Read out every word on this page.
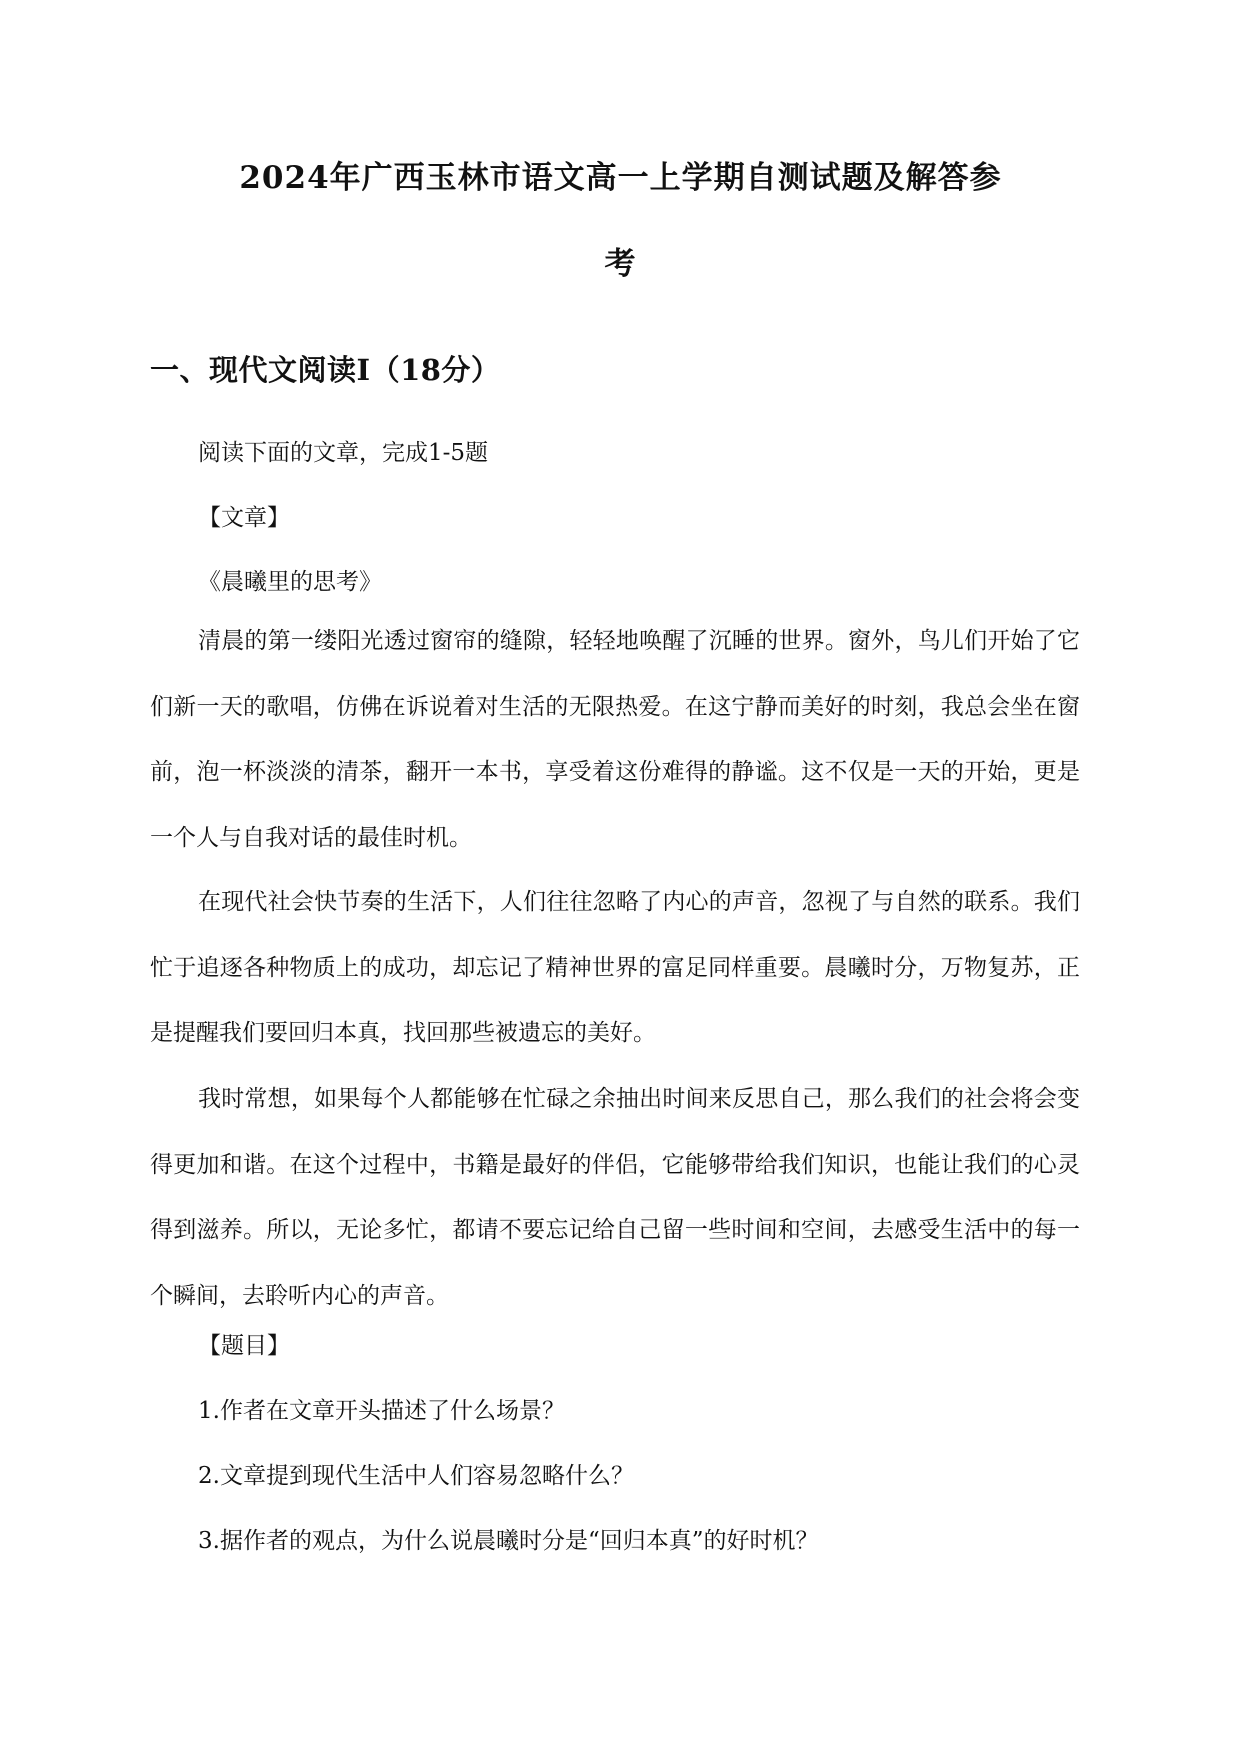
2024年广西玉林市语文高一上学期自测试题及解答参
考
一、现代文阅读Ⅰ（18分）
阅读下面的文章，完成1-5题
【文章】
《晨曦里的思考》
清晨的第一缕阳光透过窗帘的缝隙，轻轻地唤醒了沉睡的世界。窗外，鸟儿们开始了它们新一天的歌唱，仿佛在诉说着对生活的无限热爱。在这宁静而美好的时刻，我总会坐在窗前，泡一杯淡淡的清茶，翻开一本书，享受着这份难得的静谧。这不仅是一天的开始，更是一个人与自我对话的最佳时机。
在现代社会快节奏的生活下，人们往往忽略了内心的声音，忽视了与自然的联系。我们忙于追逐各种物质上的成功，却忘记了精神世界的富足同样重要。晨曦时分，万物复苏，正是提醒我们要回归本真，找回那些被遗忘的美好。
我时常想，如果每个人都能够在忙碌之余抽出时间来反思自己，那么我们的社会将会变得更加和谐。在这个过程中，书籍是最好的伴侣，它能够带给我们知识，也能让我们的心灵得到滋养。所以，无论多忙，都请不要忘记给自己留一些时间和空间，去感受生活中的每一个瞬间，去聆听内心的声音。
【题目】
1.作者在文章开头描述了什么场景？
2.文章提到现代生活中人们容易忽略什么？
3.据作者的观点，为什么说晨曦时分是“回归本真”的好时机？
